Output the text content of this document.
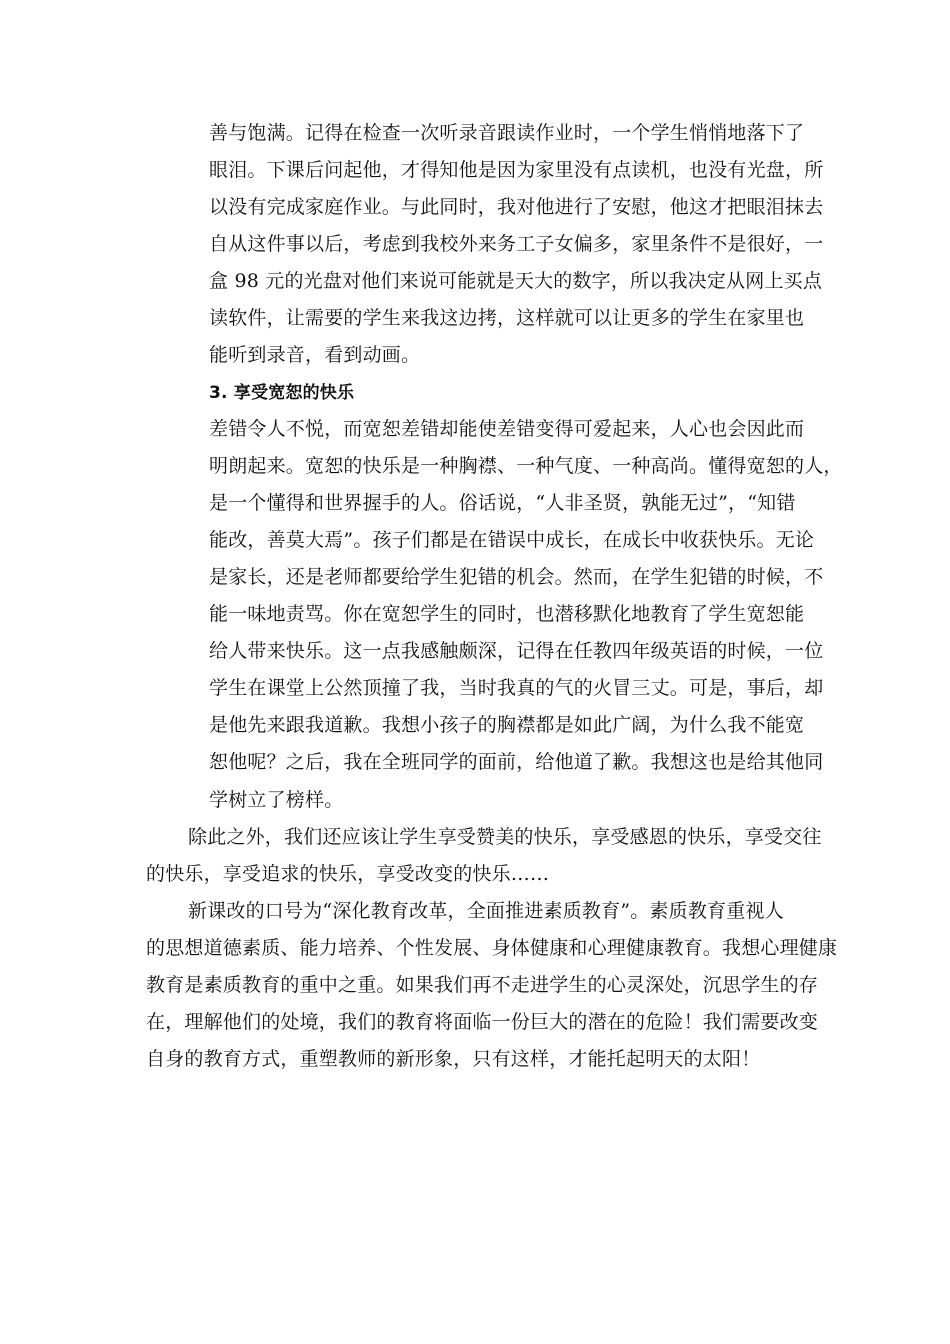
善与饱满。记得在检查一次听录音跟读作业时，一个学生悄悄地落下了
眼泪。下课后问起他，才得知他是因为家里没有点读机，也没有光盘，所
以没有完成家庭作业。与此同时，我对他进行了安慰，他这才把眼泪抹去
自从这件事以后，考虑到我校外来务工子女偏多，家里条件不是很好，一
盒 98 元的光盘对他们来说可能就是天大的数字，所以我决定从网上买点
读软件，让需要的学生来我这边拷，这样就可以让更多的学生在家里也
能听到录音，看到动画。
3. 享受宽恕的快乐
差错令人不悦，而宽恕差错却能使差错变得可爱起来，人心也会因此而
明朗起来。宽恕的快乐是一种胸襟、一种气度、一种高尚。懂得宽恕的人，
是一个懂得和世界握手的人。俗话说，“人非圣贤，孰能无过”，“知错
能改，善莫大焉”。孩子们都是在错误中成长，在成长中收获快乐。无论
是家长，还是老师都要给学生犯错的机会。然而，在学生犯错的时候，不
能一味地责骂。你在宽恕学生的同时，也潜移默化地教育了学生宽恕能
给人带来快乐。这一点我感触颇深，记得在任教四年级英语的时候，一位
学生在课堂上公然顶撞了我，当时我真的气的火冒三丈。可是，事后，却
是他先来跟我道歉。我想小孩子的胸襟都是如此广阔，为什么我不能宽
恕他呢？之后，我在全班同学的面前，给他道了歉。我想这也是给其他同
学树立了榜样。
除此之外，我们还应该让学生享受赞美的快乐，享受感恩的快乐，享受交往
的快乐，享受追求的快乐，享受改变的快乐……
新课改的口号为“深化教育改革，全面推进素质教育”。素质教育重视人
的思想道德素质、能力培养、个性发展、身体健康和心理健康教育。我想心理健康
教育是素质教育的重中之重。如果我们再不走进学生的心灵深处，沉思学生的存
在，理解他们的处境，我们的教育将面临一份巨大的潜在的危险！我们需要改变
自身的教育方式，重塑教师的新形象，只有这样，才能托起明天的太阳！
